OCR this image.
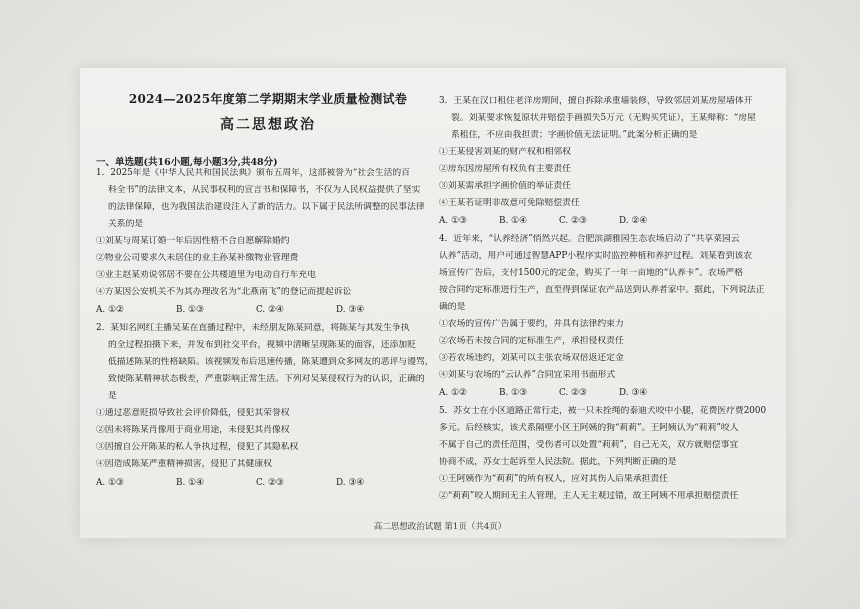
2024—2025年度第二学期期末学业质量检测试卷
高二思想政治
一、单选题(共16小题,每小题3分,共48分)
1．2025年是《中华人民共和国民法典》颁布五周年，这部被誉为“社会生活的百
科全书”的法律文本，从民事权利的宣言书和保障书，不仅为人民权益提供了坚实
的法律保障，也为我国法治建设注入了新的活力。以下属于民法所调整的民事法律
关系的是
①刘某与周某订婚一年后因性格不合自愿解除婚约
②物业公司要求久未居住的业主孙某补缴物业管理费
③业主赵某劝说邻居不要在公共楼道里为电动自行车充电
④方某因公安机关不为其办理改名为“北燕南飞”的登记而提起诉讼
A. ①②	B. ①③	C. ②④	D. ③④
2．某知名网红主播吴某在直播过程中，未经朋友陈某同意，将陈某与其发生争执
的全过程拍摄下来，并发布到社交平台，视频中清晰呈现陈某的面容，还添加贬
低描述陈某的性格缺陷。该视频发布后迅速传播，陈某遭到众多网友的恶评与谩骂，
致使陈某精神状态极差，严重影响正常生活。下列对吴某侵权行为的认识，正确的
是
①通过恶意贬损导致社会评价降低，侵犯其荣誉权
②因未将陈某肖像用于商业用途，未侵犯其肖像权
③因擅自公开陈某的私人争执过程，侵犯了其隐私权
④因造成陈某严重精神损害，侵犯了其健康权
A. ①③	B. ①④	C. ②③	D. ③④
3．王某在汉口租住老洋房期间，擅自拆除承重墙装修，导致邻居刘某房屋墙体开
裂。刘某要求恢复原状并赔偿手画损失5万元（无购买凭证），王某辩称：“房屋
系租住，不应由我担责；字画价值无法证明。”此案分析正确的是
①王某侵害刘某的财产权和相邻权
②房东因房屋所有权负有主要责任
③刘某需承担字画价值的举证责任
④王某若证明非故意可免除赔偿责任
A. ①③	B. ①④	C. ②③	D. ②④
4．近年来，“认养经济”悄然兴起。合肥滨湖雅园生态农场启动了“共享菜园云
认养”活动，用户可通过智慧APP小程序实时监控种植和养护过程。刘某看到该农
场宣传广告后，支付1500元的定金，购买了一年一亩地的“认养卡”。农场严格
按合同约定标准进行生产，直至得到保证农产品送到认养者家中。据此，下列说法正
确的是
①农场的宣传广告属于要约，并具有法律约束力
②农场若未按合同的定标准生产，承担侵权责任
③若农场违约，刘某可以主张农场双倍返还定金
④刘某与农场的“云认养”合同宜采用书面形式
A. ①②	B. ①③	C. ②③	D. ③④
5．苏女士在小区道路正常行走，被一只未拴绳的泰迪犬咬中小腿，花费医疗费2000
多元。后经核实，该犬系隔壁小区王阿姨的狗“莉莉”。王阿姨认为“莉莉”咬人
不属于自己的责任范围，受伤者可以处置“莉莉”，自己无关，双方就赔偿事宜
协商不成，苏女士起诉至人民法院。据此，下列判断正确的是
①王阿姨作为“莉莉”的所有权人，应对其伤人后果承担责任
②“莉莉”咬人期间无主人管理，主人无主观过错，故王阿姨不用承担赔偿责任
高二思想政治试题 第1页（共4页）
